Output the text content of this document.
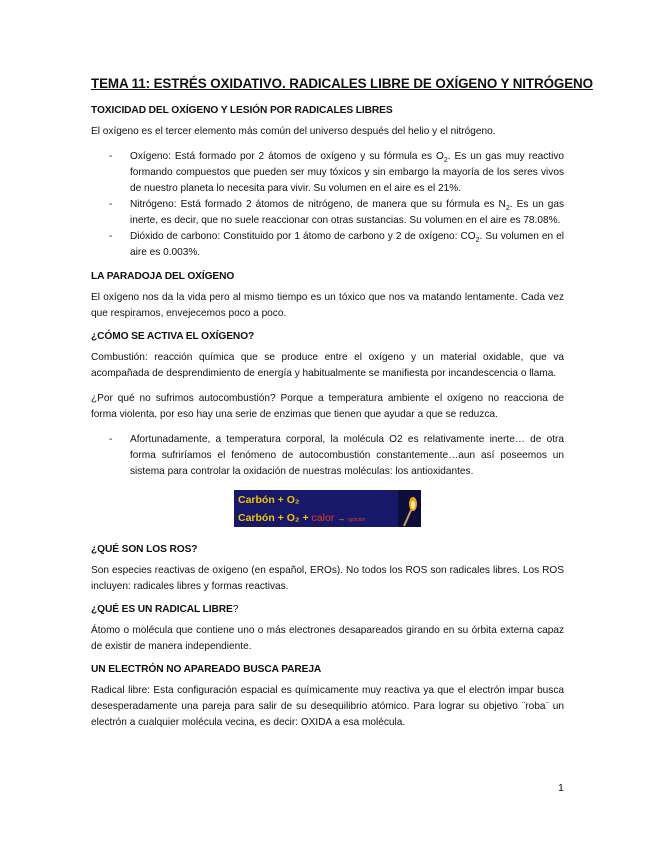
TEMA 11: ESTRÉS OXIDATIVO. RADICALES LIBRE DE OXÍGENO Y NITRÓGENO
TOXICIDAD DEL OXÍGENO Y LESIÓN POR RADICALES LIBRES

El oxígeno es el tercer elemento más común del universo después del helio y el nitrógeno.

- Oxígeno: Está formado por 2 átomos de oxígeno y su fórmula es $O_2$. Es un gas muy reactivo formando compuestos que pueden ser muy tóxicos y sin embargo la mayoría de los seres vivos de nuestro planeta lo necesita para vivir. Su volumen en el aire es el 21%.
- Nitrógeno: Está formado 2 átomos de nitrógeno, de manera que su fórmula es $N_2$. Es un gas inerte, es decir, que no suele reaccionar con otras sustancias. Su volumen en el aire es 78.08%.
- Dióxido de carbono: Constituido por 1 átomo de carbono y 2 de oxígeno: $CO_2$. Su volumen en el aire es 0.003%.
LA PARADOJA DEL OXÍGENO

El oxígeno nos da la vida pero al mismo tiempo es un tóxico que nos va matando lentamente. Cada vez que respiramos, envejecemos poco a poco.

¿CÓMO SE ACTIVA EL OXÍGENO?

Combustión: reacción química que se produce entre el oxígeno y un material oxidable, que va acompañada de desprendimiento de energía y habitualmente se manifiesta por incandescencia o llama.

¿Por qué no sufrimos autocombustión? Porque a temperatura ambiente el oxígeno no reacciona de forma violenta, por eso hay una serie de enzimas que tienen que ayudar a que se reduzca.

- Afortunadamente, a temperatura corporal, la molécula O2 es relativamente inerte… de otra forma sufriríamos el fenómeno de autocombustión constantemente…aun así poseemos un sistema para controlar la oxidación de nuestras moléculas: los antioxidantes.
Carbón + O₂
Carbón + O₂ + calor → ignición
¿QUÉ SON LOS ROS?

Son especies reactivas de oxígeno (en español, EROs). No todos los ROS son radicales libres. Los ROS incluyen: radicales libres y formas reactivas.

¿QUÉ ES UN RADICAL LIBRE?

Átomo o molécula que contiene uno o más electrones desapareados girando en su órbita externa capaz de existir de manera independiente.

UN ELECTRÓN NO APAREADO BUSCA PAREJA

Radical libre: Esta configuración espacial es químicamente muy reactiva ya que el electrón impar busca desesperadamente una pareja para salir de su desequilibrio atómico. Para lograr su objetivo ¨roba¨ un electrón a cualquier molécula vecina, es decir: OXIDA a esa molécula.

1
